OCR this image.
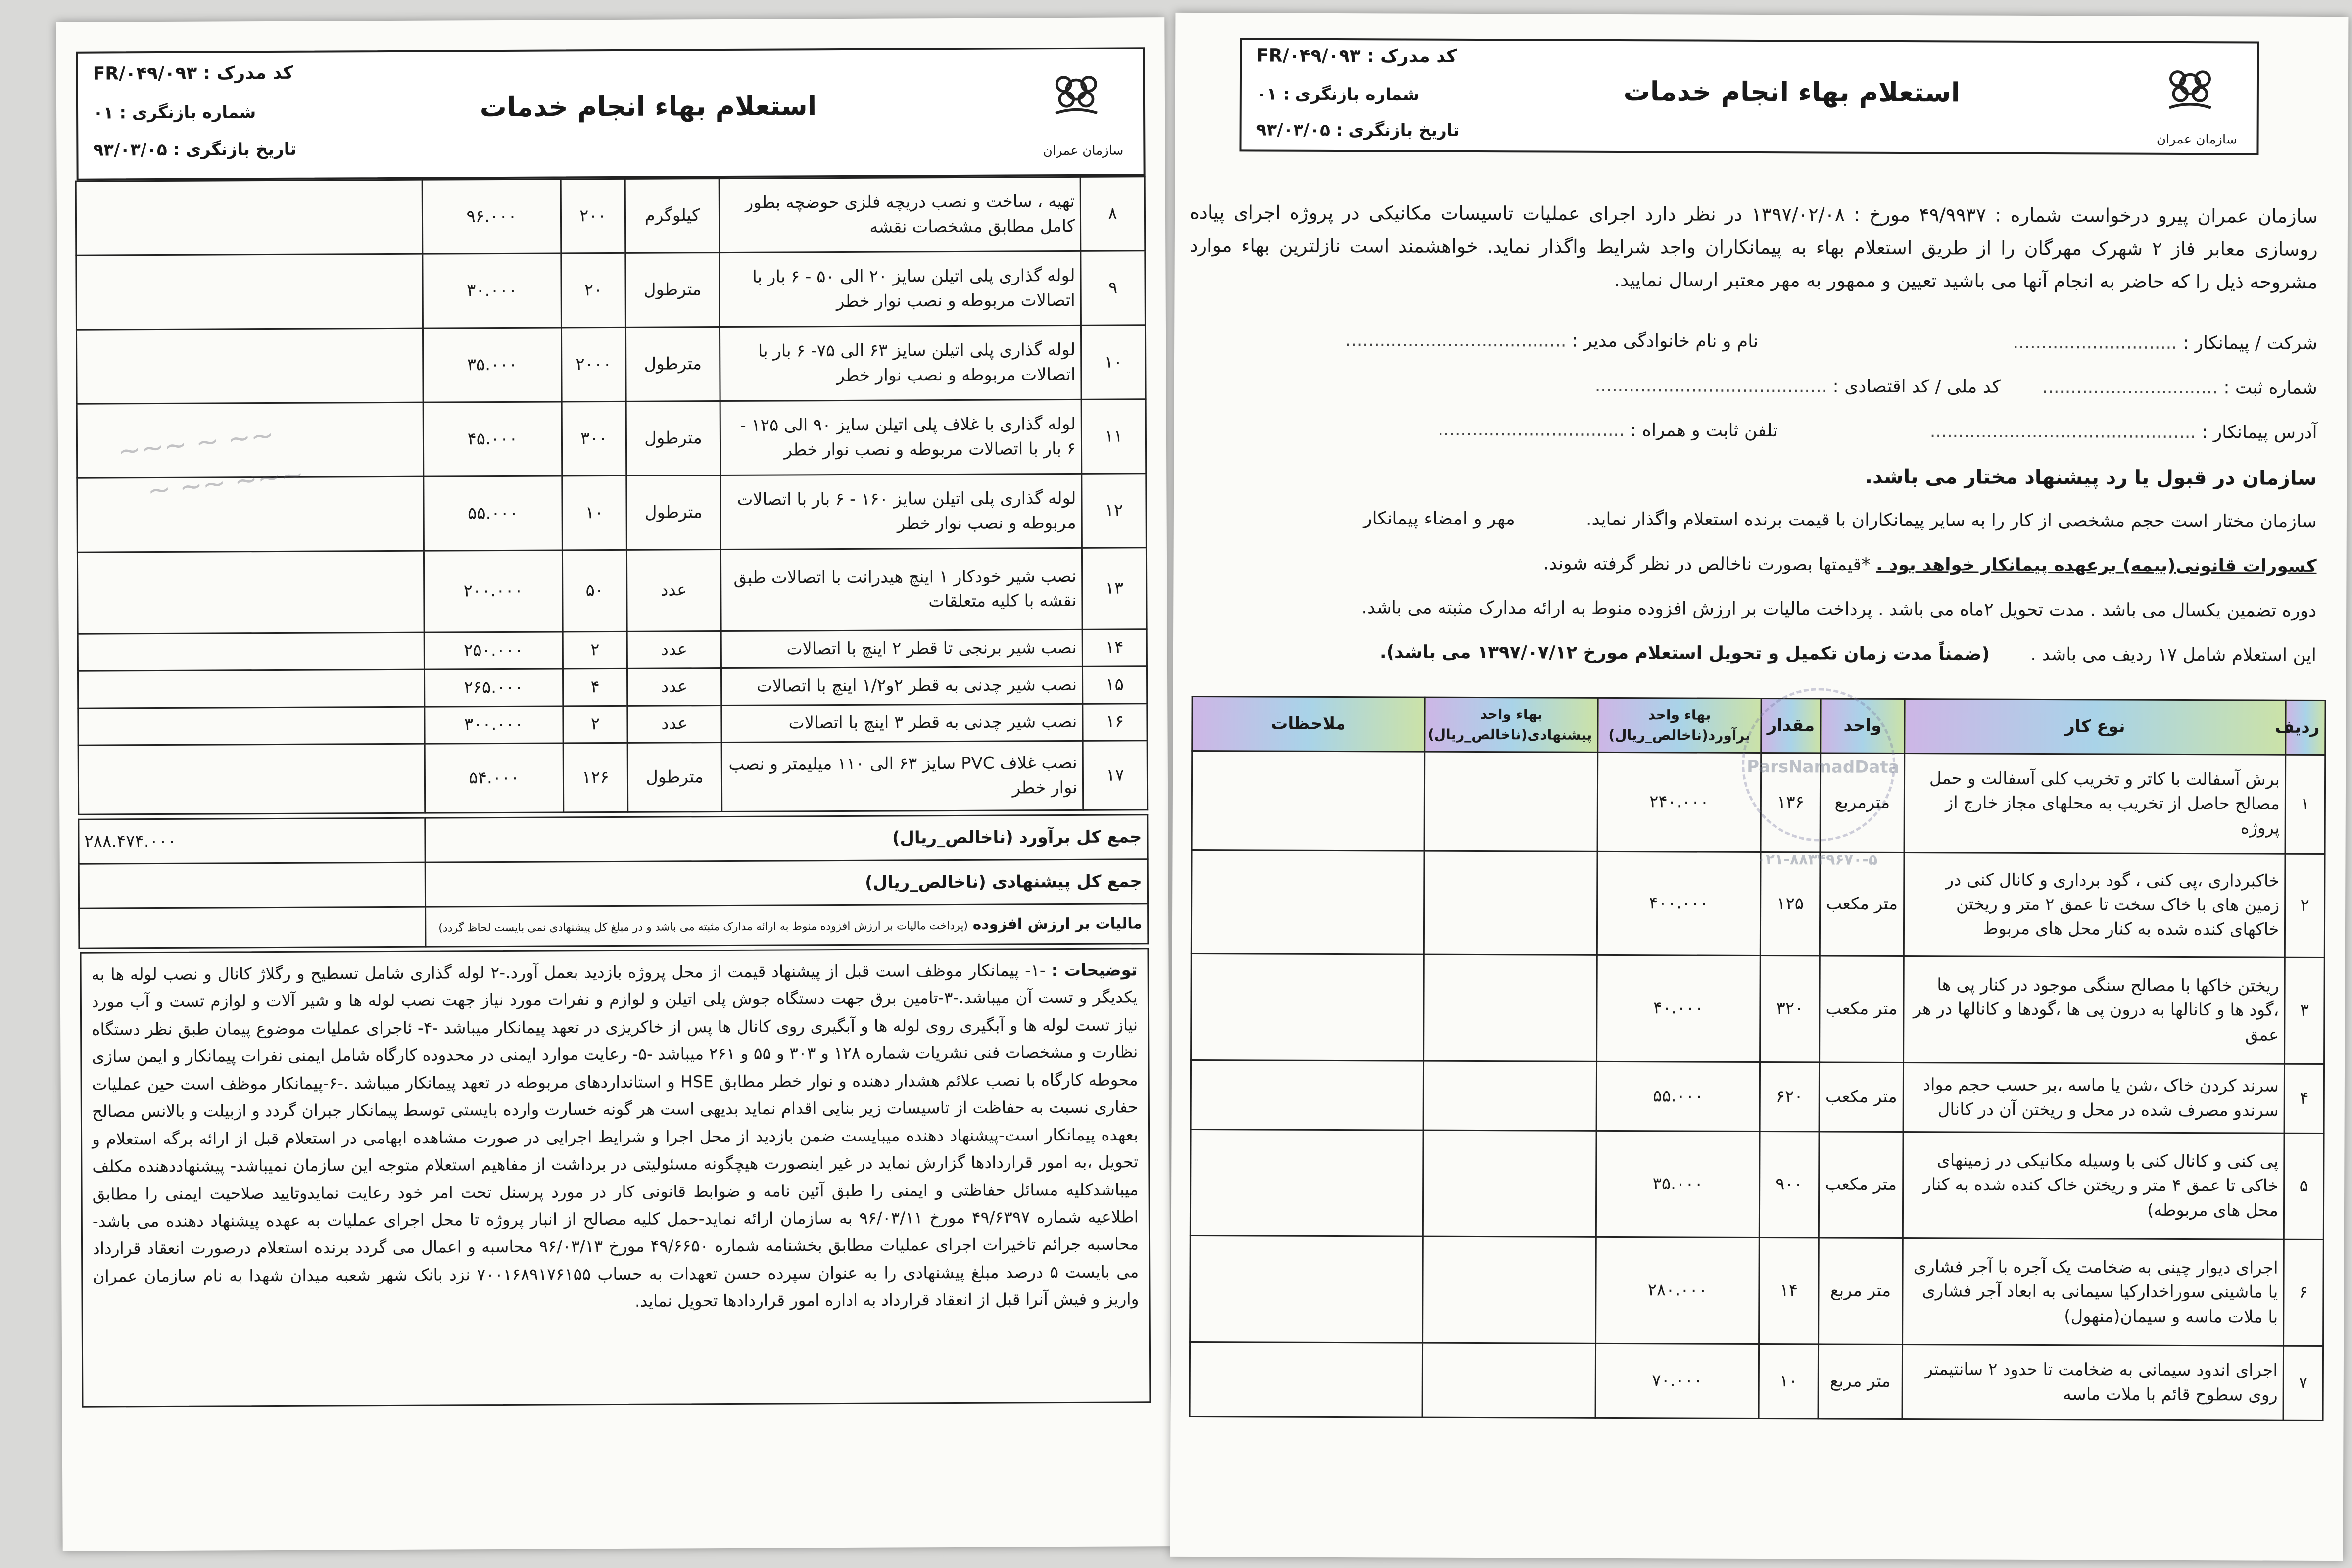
سازمان عمران
استعلام بهاء انجام خدمات
کد مدرک : FR/۰۴۹/۰۹۳
شماره بازنگری : ۰۱
تاریخ بازنگری : ۹۳/۰۳/۰۵
۸	تهیه ، ساخت و نصب دریچه فلزی حوضچه بطور کامل مطابق مشخصات نقشه	کیلوگرم	۲۰۰	۹۶.۰۰۰	
۹	لوله گذاری پلی اتیلن سایز ۲۰ الی ۵۰ - ۶ بار با اتصالات مربوطه و نصب نوار خطر	مترطول	۲۰	۳۰.۰۰۰	
۱۰	لوله گذاری پلی اتیلن سایز ۶۳ الی ۷۵- ۶ بار با اتصالات مربوطه و نصب نوار خطر	مترطول	۲۰۰۰	۳۵.۰۰۰	
۱۱	لوله گذاری با غلاف پلی اتیلن سایز ۹۰ الی ۱۲۵ - ۶ بار با اتصالات مربوطه و نصب نوار خطر	مترطول	۳۰۰	۴۵.۰۰۰	
۱۲	لوله گذاری پلی اتیلن سایز ۱۶۰ - ۶ بار با اتصالات مربوطه و نصب نوار خطر	مترطول	۱۰	۵۵.۰۰۰	
۱۳	نصب شیر خودکار ۱ اینچ هیدرانت با اتصالات طبق نقشه با کلیه متعلقات	عدد	۵۰	۲۰۰.۰۰۰	
۱۴	نصب شیر برنجی تا قطر ۲ اینچ با اتصالات	عدد	۲	۲۵۰.۰۰۰	
۱۵	نصب شیر چدنی به قطر ۲و۱/۲ اینچ با اتصالات	عدد	۴	۲۶۵.۰۰۰	
۱۶	نصب شیر چدنی به قطر ۳ اینچ با اتصالات	عدد	۲	۳۰۰.۰۰۰	
۱۷	نصب غلاف PVC سایز ۶۳ الی ۱۱۰ میلیمتر و نصب نوار خطر	مترطول	۱۲۶	۵۴.۰۰۰	
جمع کل برآورد (ناخالص_ریال)	۲۸۸.۴۷۴.۰۰۰
جمع کل پیشنهادی (ناخالص_ریال)	
مالیات بر ارزش افزوده (پرداخت مالیات بر ارزش افزوده منوط به ارائه مدارک مثبته می باشد و در مبلغ کل پیشنهادی نمی بایست لحاظ گردد)	
توضیحات : -۱- پیمانکار موظف است قبل از پیشنهاد قیمت از محل پروژه بازدید بعمل آورد.-۲ لوله گذاری شامل تسطیح و رگلاژ کانال و نصب لوله ها به یکدیگر و تست آن میباشد.-۳-تامین برق جهت دستگاه جوش پلی اتیلن و لوازم و نفرات مورد نیاز جهت نصب لوله ها و شیر آلات و لوازم تست و آب مورد نیاز تست لوله ها و آبگیری روی لوله ها و آبگیری روی کانال ها پس از خاکریزی در تعهد پیمانکار میباشد -۴- ئاجرای عملیات موضوع پیمان طبق نظر دستگاه نظارت و مشخصات فنی نشریات شماره ۱۲۸ و ۳۰۳ و ۵۵ و ۲۶۱ میباشد -۵- رعایت موارد ایمنی در محدوده کارگاه شامل ایمنی نفرات پیمانکار و ایمن سازی محوطه کارگاه با نصب علائم هشدار دهنده و نوار خطر مطابق HSE و استانداردهای مربوطه در تعهد پیمانکار میباشد .-۶-پیمانکار موظف است حین عملیات حفاری نسبت به حفاظت از تاسیسات زیر بنایی اقدام نماید بدیهی است هر گونه خسارت وارده بایستی توسط پیمانکار جبران گردد و ازبیلت و بالانس مصالح بعهده پیمانکار است-پیشنهاد دهنده میبایست ضمن بازدید از محل اجرا و شرایط اجرایی در صورت مشاهده ابهامی در استعلام قبل از ارائه برگه استعلام و تحویل ،به امور قراردادها گزارش نماید در غیر اینصورت هیچگونه مسئولیتی در برداشت از مفاهیم استعلام متوجه این سازمان نمیباشد- پیشنهاددهنده مکلف میباشدکلیه مسائل حفاظتی و ایمنی را طبق آئین نامه و ضوابط قانونی کار در مورد پرسنل تحت امر خود رعایت نمایدوتایید صلاحیت ایمنی را مطابق اطلاعیه شماره ۴۹/۶۳۹۷ مورخ ۹۶/۰۳/۱۱ به سازمان ارائه نماید-حمل کلیه مصالح از انبار پروژه تا محل اجرای عملیات به عهده پیشنهاد دهنده می باشد- محاسبه جرائم تاخیرات اجرای عملیات مطابق بخشنامه شماره ۴۹/۶۶۵۰ مورخ ۹۶/۰۳/۱۳ محاسبه و اعمال می گردد برنده استعلام درصورت انعقاد قرارداد می بایست ۵ درصد مبلغ پیشنهادی را به عنوان سپرده حسن تعهدات به حساب ۷۰۰۱۶۸۹۱۷۶۱۵۵ نزد بانک شهر شعبه میدان شهدا به نام سازمان عمران واریز و فیش آنرا قبل از انعقاد قرارداد به اداره امور قراردادها تحویل نماید.
~~ ~ ~~~
~~~ ~~ ~
سازمان عمران
استعلام بهاء انجام خدمات
کد مدرک : FR/۰۴۹/۰۹۳
شماره بازنگری : ۰۱
تاریخ بازنگری : ۹۳/۰۳/۰۵
سازمان عمران پیرو درخواست شماره : ۴۹/۹۹۳۷ مورخ : ۱۳۹۷/۰۲/۰۸ در نظر دارد اجرای عملیات تاسیسات مکانیکی در پروژه اجرای پیاده روسازی معابر فاز ۲ شهرک مهرگان را از طریق استعلام بهاء به پیمانکاران واجد شرایط واگذار نماید. خواهشمند است نازلترین بهاء موارد مشروحه ذیل را که حاضر به انجام آنها می باشید تعیین و ممهور به مهر معتبر ارسال نمایید.
شرکت / پیمانکار : .............................
نام و نام خانوادگی مدیر : .......................................
شماره ثبت : ...............................
کد ملی / کد اقتصادی : .........................................
آدرس پیمانکار : ...............................................
تلفن ثابت و همراه : .................................
سازمان در قبول یا رد پیشنهاد مختار می باشد.
سازمان مختار است حجم مشخصی از کار را به سایر پیمانکاران با قیمت برنده استعلام واگذار نماید.
مهر و امضاء پیمانکار
کسورات قانونی(بیمه) برعهده پیمانکار خواهد بود . *قیمتها بصورت ناخالص در نظر گرفته شوند.
دوره تضمین یکسال می باشد . مدت تحویل ۲ماه می باشد . پرداخت مالیات بر ارزش افزوده منوط به ارائه مدارک مثبته می باشد.
این استعلام شامل ۱۷ ردیف می باشد .
(ضمناً مدت زمان تکمیل و تحویل استعلام مورخ ۱۳۹۷/۰۷/۱۲ می باشد).
ردیف	نوع کار	واحد	مقدار	بهاء واحد برآورد(ناخالص_ریال)	بهاء واحد پیشنهادی(ناخالص_ریال)	ملاحظات
۱	برش آسفالت با کاتر و تخریب کلی آسفالت و حمل مصالح حاصل از تخریب به محلهای مجاز خارج از پروژه	مترمربع	۱۳۶	۲۴۰.۰۰۰		
۲	خاکبرداری ،پی کنی ، گود برداری و کانال کنی در زمین های با خاک سخت تا عمق ۲ متر و ریختن خاکهای کنده شده به کنار محل های مربوط	متر مکعب	۱۲۵	۴۰۰.۰۰۰		
۳	ریختن خاکها با مصالح سنگی موجود در کنار پی ها ،گود ها و کانالها به درون پی ها ،گودها و کانالها در هر عمق	متر مکعب	۳۲۰	۴۰.۰۰۰		
۴	سرند کردن خاک ،شن یا ماسه ،بر حسب حجم مواد سرندو مصرف شده در محل و ریختن آن در کانال	متر مکعب	۶۲۰	۵۵.۰۰۰		
۵	پی کنی و کانال کنی با وسیله مکانیکی در زمینهای خاکی تا عمق ۴ متر و ریختن خاک کنده شده به کنار محل های مربوطه)	متر مکعب	۹۰۰	۳۵.۰۰۰		
۶	اجرای دیوار چینی به ضخامت یک آجره با آجر فشاری یا ماشینی سوراخدارکیا سیمانی به ابعاد آجر فشاری با ملات ماسه و سیمان(منهول)	متر مربع	۱۴	۲۸۰.۰۰۰		
۷	اجرای اندود سیمانی به ضخامت تا حدود ۲ سانتیمتر روی سطوح قائم با ملات ماسه	متر مربع	۱۰	۷۰.۰۰۰		
ParsNamadData
۰۲۱-۸۸۳۴۹۶۷۰-۵
